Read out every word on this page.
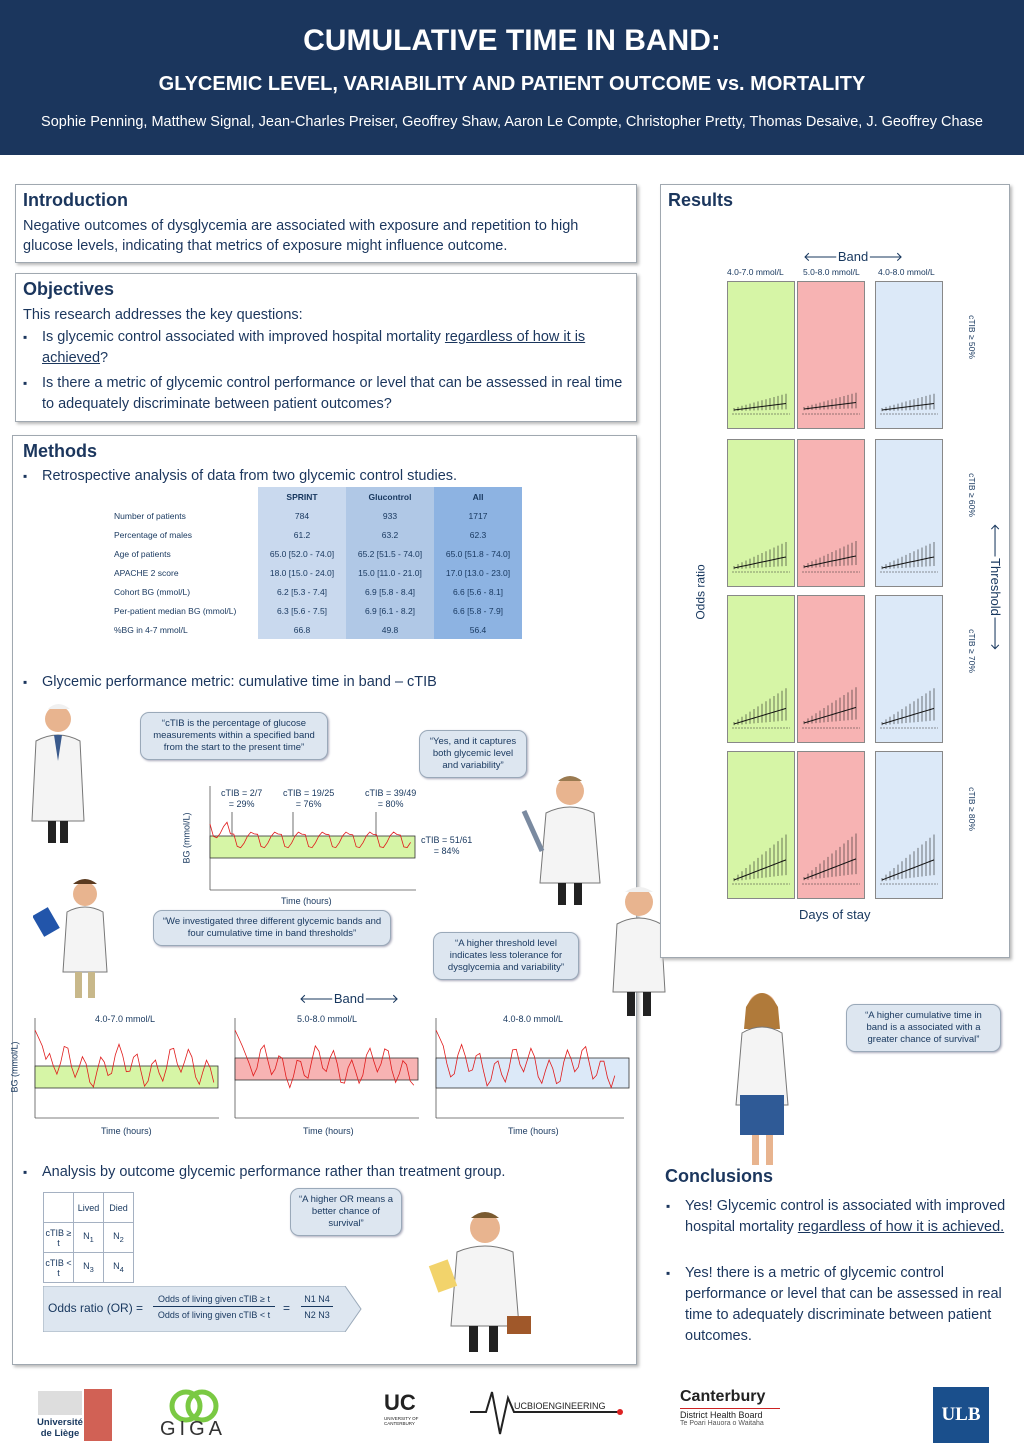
CUMULATIVE TIME IN BAND:
GLYCEMIC LEVEL, VARIABILITY AND PATIENT OUTCOME vs. MORTALITY
Sophie Penning, Matthew Signal, Jean-Charles Preiser, Geoffrey Shaw, Aaron Le Compte, Christopher Pretty, Thomas Desaive, J. Geoffrey Chase
Introduction
Negative outcomes of dysglycemia are associated with exposure and repetition to high glucose levels, indicating that metrics of exposure might influence outcome.
Objectives
This research addresses the key questions:
▪ Is glycemic control associated with improved hospital mortality regardless of how it is achieved?
▪ Is there a metric of glycemic control performance or level that can be assessed in real time to adequately discriminate between patient outcomes?
Methods
▪ Retrospective analysis of data from two glycemic control studies.
	SPRINT	Glucontrol	All
Number of patients	784	933	1717
Percentage of males	61.2	63.2	62.3
Age of patients	65.0 [52.0 - 74.0]	65.2 [51.5 - 74.0]	65.0 [51.8 - 74.0]
APACHE 2 score	18.0 [15.0 - 24.0]	15.0 [11.0 - 21.0]	17.0 [13.0 - 23.0]
Cohort BG (mmol/L)	6.2 [5.3 - 7.4]	6.9 [5.8 - 8.4]	6.6 [5.6 - 8.1]
Per-patient median BG (mmol/L)	6.3 [5.6 - 7.5]	6.9 [6.1 - 8.2]	6.6 [5.8 - 7.9]
%BG in 4-7 mmol/L	66.8	49.8	56.4
▪ Glycemic performance metric: cumulative time in band – cTIB
“cTIB is the percentage of glucose measurements within a specified band from the start to the present time”
“Yes, and it captures both glycemic level and variability”
cTIB = 2/7
= 29%
cTIB = 19/25
= 76%
cTIB = 39/49
= 80%
cTIB = 51/61
= 84%
Time (hours)
BG (mmol/L)
“We investigated three different glycemic bands and four cumulative time in band thresholds”
“A higher threshold level indicates less tolerance for dysglycemia and variability”
🡐Band🡒
4.0-7.0 mmol/L	5.0-8.0 mmol/L	4.0-8.0 mmol/L
Time (hours)	Time (hours)	Time (hours)
BG (mmol/L)
▪ Analysis by outcome glycemic performance rather than treatment group.
	Lived	Died
cTIB ≥ t	$N_1$	$N_2$
cTIB < t	$N_3$	$N_4$
“A higher OR means a better chance of survival”
Odds ratio (OR) =
Odds of living given cTIB ≥ t
Odds of living given cTIB < t	=
N1 N4
N2 N3
Results
🡐Band🡒
4.0-7.0 mmol/L 5.0-8.0 mmol/L 4.0-8.0 mmol/L
cTIB ≥ 50%
cTIB ≥ 60%
cTIB ≥ 70%
cTIB ≥ 80%
🡐Threshold🡒
Odds ratio
Days of stay
“A higher cumulative time in band is a associated with a greater chance of survival”
Conclusions
▪ Yes! Glycemic control is associated with improved hospital mortality regardless of how it is achieved.
▪ Yes! there is a metric of glycemic control performance or level that can be assessed in real time to adequately discriminate between patient outcomes.
Université de Liège	GIGA
UC
UNIVERSITY OF CANTERBURY
UCBIOENGINEERING
Canterbury
District Health Board
Te Poari Hauora o Waitaha	ULB
